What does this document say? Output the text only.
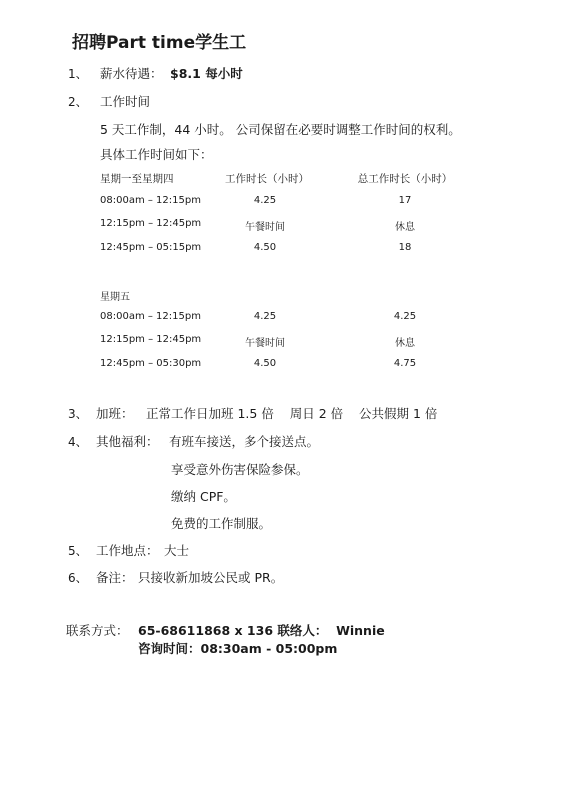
招聘Part time学生工
1、 薪水待遇： $8.1 每小时
2、 工作时间
5 天工作制，44 小时。 公司保留在必要时调整工作时间的权利。
具体工作时间如下：
星期一至星期四	工作时长（小时）	总工作时长（小时）
08:00am – 12:15pm	4.25	17
12:15pm – 12:45pm	午餐时间	休息
12:45pm – 05:15pm	4.50	18
星期五
08:00am – 12:15pm	4.25	4.25
12:15pm – 12:45pm	午餐时间	休息
12:45pm – 05:30pm	4.50	4.75
3、 加班： 正常工作日加班 1.5 倍    周日 2 倍    公共假期 1 倍
4、 其他福利： 有班车接送，多个接送点。
享受意外伤害保险参保。
缴纳 CPF。
免费的工作制服。
5、 工作地点： 大士
6、 备注： 只接收新加坡公民或 PR。
联系方式： 65-68611868 x 136 联络人：  Winnie
咨询时间：08:30am - 05:00pm
